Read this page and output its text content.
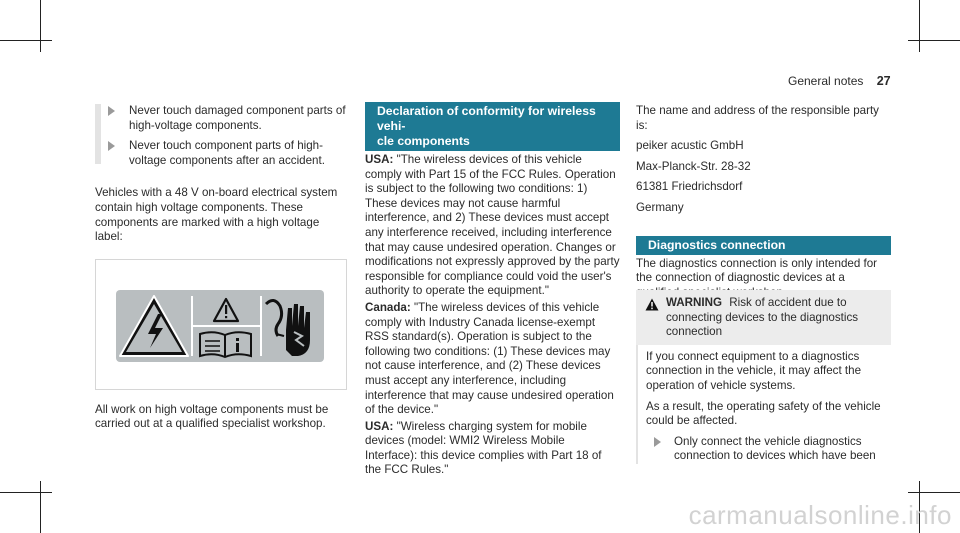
General notes 27
Never touch damaged component parts of high-voltage components.
Never touch component parts of high-voltage components after an accident.

Vehicles with a 48 V on-board electrical system contain high voltage components. These components are marked with a high voltage label:

All work on high voltage components must be carried out at a qualified specialist workshop.

Declaration of conformity for wireless vehi-
cle components

USA: "The wireless devices of this vehicle comply with Part 15 of the FCC Rules. Operation is subject to the following two conditions: 1) These devices may not cause harmful interference, and 2) These devices must accept any interference received, including interference that may cause undesired operation. Changes or modifications not expressly approved by the party responsible for compliance could void the user's authority to operate the equipment."

Canada: "The wireless devices of this vehicle comply with Industry Canada license-exempt RSS standard(s). Operation is subject to the following two conditions: (1) These devices may not cause interference, and (2) These devices must accept any interference, including interference that may cause undesired operation of the device."

USA: "Wireless charging system for mobile devices (model: WMI2 Wireless Mobile Interface): this device complies with Part 18 of the FCC Rules."

The name and address of the responsible party is:

peiker acustic GmbH

Max-Planck-Str. 28-32

61381 Friedrichsdorf

Germany

Diagnostics connection

The diagnostics connection is only intended for the connection of diagnostic devices at a

WARNING Risk of accident due to connecting devices to the diagnostics connection

If you connect equipment to a diagnostics connection in the vehicle, it may affect the operation of vehicle systems.

As a result, the operating safety of the vehicle could be affected.

Only connect the vehicle diagnostics connection to devices which have been
carmanualsonline.info
